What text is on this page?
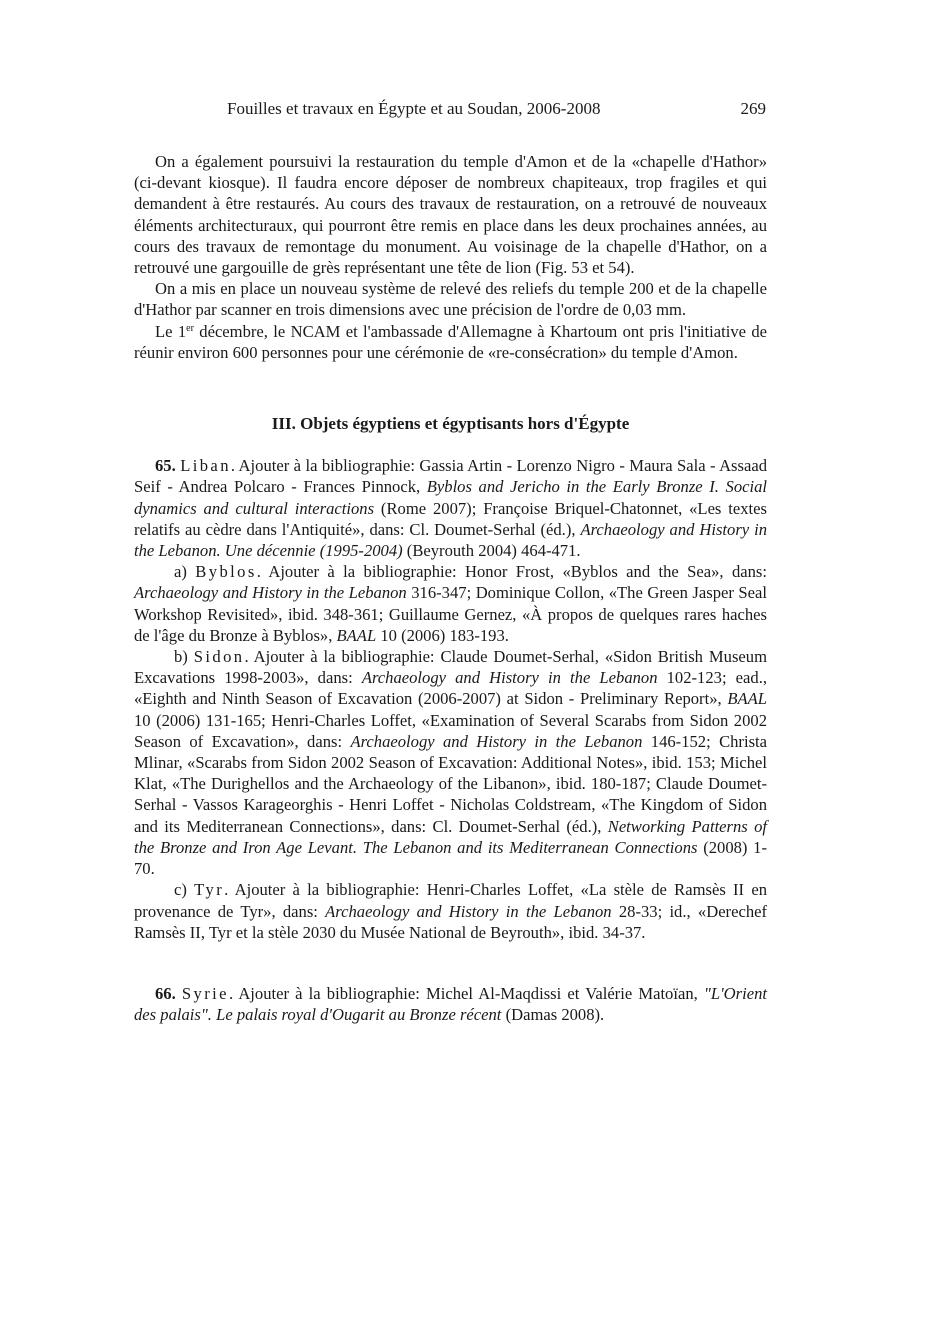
Fouilles et travaux en Égypte et au Soudan, 2006-2008	269

On a également poursuivi la restauration du temple d'Amon et de la «chapelle d'Hathor» (ci-devant kiosque). Il faudra encore déposer de nombreux chapiteaux, trop fragiles et qui demandent à être restaurés. Au cours des travaux de restauration, on a retrouvé de nouveaux éléments architecturaux, qui pourront être remis en place dans les deux prochaines années, au cours des travaux de remontage du monument. Au voisinage de la chapelle d'Hathor, on a retrouvé une gargouille de grès représentant une tête de lion (Fig. 53 et 54).

On a mis en place un nouveau système de relevé des reliefs du temple 200 et de la chapelle d'Hathor par scanner en trois dimensions avec une précision de l'ordre de 0,03 mm.

Le 1er décembre, le NCAM et l'ambassade d'Allemagne à Khartoum ont pris l'initiative de réunir environ 600 personnes pour une cérémonie de «re-consécration» du temple d'Amon.

III. Objets égyptiens et égyptisants hors d'Égypte

65. Liban. Ajouter à la bibliographie: Gassia Artin - Lorenzo Nigro - Maura Sala - Assaad Seif - Andrea Polcaro - Frances Pinnock, Byblos and Jericho in the Early Bronze I. Social dynamics and cultural interactions (Rome 2007); Françoise Briquel-Chatonnet, «Les textes relatifs au cèdre dans l'Antiquité», dans: Cl. Doumet-Serhal (éd.), Archaeology and History in the Lebanon. Une décennie (1995-2004) (Beyrouth 2004) 464-471.

a) Byblos. Ajouter à la bibliographie: Honor Frost, «Byblos and the Sea», dans: Archaeology and History in the Lebanon 316-347; Dominique Collon, «The Green Jasper Seal Workshop Revisited», ibid. 348-361; Guillaume Gernez, «À propos de quelques rares haches de l'âge du Bronze à Byblos», BAAL 10 (2006) 183-193.

b) Sidon. Ajouter à la bibliographie: Claude Doumet-Serhal, «Sidon British Museum Excavations 1998-2003», dans: Archaeology and History in the Lebanon 102-123; ead., «Eighth and Ninth Season of Excavation (2006-2007) at Sidon - Preliminary Report», BAAL 10 (2006) 131-165; Henri-Charles Loffet, «Examination of Several Scarabs from Sidon 2002 Season of Excavation», dans: Archaeology and History in the Lebanon 146-152; Christa Mlinar, «Scarabs from Sidon 2002 Season of Excavation: Additional Notes», ibid. 153; Michel Klat, «The Durighellos and the Archaeology of the Libanon», ibid. 180-187; Claude Doumet-Serhal - Vassos Karageorghis - Henri Loffet - Nicholas Coldstream, «The Kingdom of Sidon and its Mediterranean Connections», dans: Cl. Doumet-Serhal (éd.), Networking Patterns of the Bronze and Iron Age Levant. The Lebanon and its Mediterranean Connections (2008) 1-70.

c) Tyr. Ajouter à la bibliographie: Henri-Charles Loffet, «La stèle de Ramsès II en provenance de Tyr», dans: Archaeology and History in the Lebanon 28-33; id., «Derechef Ramsès II, Tyr et la stèle 2030 du Musée National de Beyrouth», ibid. 34-37.

66. Syrie. Ajouter à la bibliographie: Michel Al-Maqdissi et Valérie Matoïan, "L'Orient des palais". Le palais royal d'Ougarit au Bronze récent (Damas 2008).
